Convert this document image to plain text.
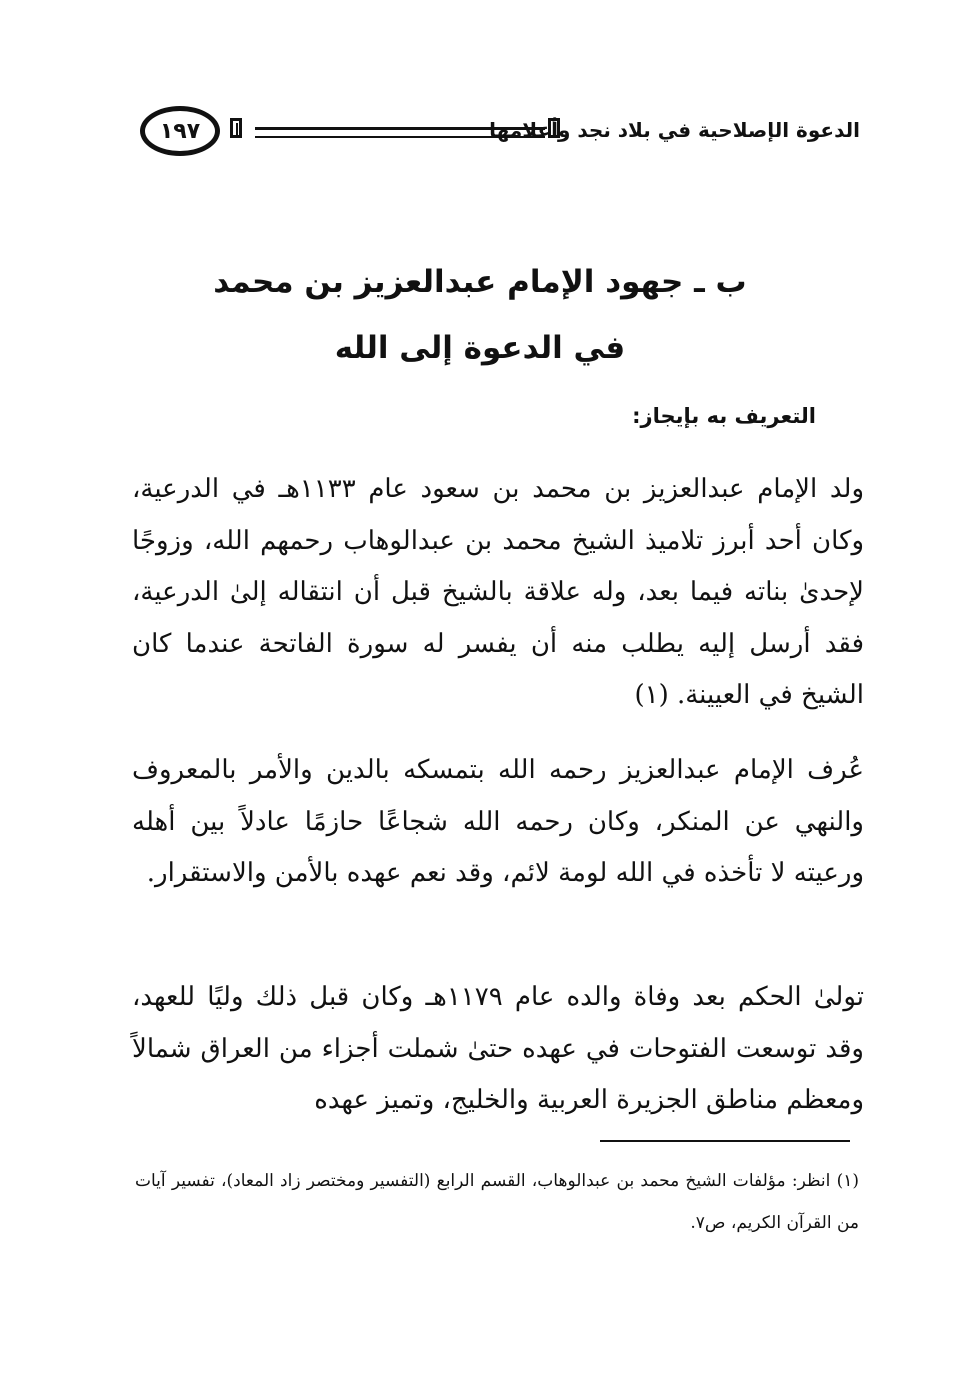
١٩٧	الدعوة الإصلاحية في بلاد نجد وأعلامها
ب ـ جهود الإمام عبدالعزيز بن محمد
في الدعوة إلى الله
التعريف به بإيجاز:
ولد الإمام عبدالعزيز بن محمد بن سعود عام ١١٣٣هـ في الدرعية، وكان أحد أبرز تلاميذ الشيخ محمد بن عبدالوهاب رحمهم الله، وزوجًا لإحدىٰ بناته فيما بعد، وله علاقة بالشيخ قبل أن انتقاله إلىٰ الدرعية، فقد أرسل إليه يطلب منه أن يفسر له سورة الفاتحة عندما كان الشيخ في العيينة. (١)
عُرف الإمام عبدالعزيز رحمه الله بتمسكه بالدين والأمر بالمعروف والنهي عن المنكر، وكان رحمه الله شجاعًا حازمًا عادلاً بين أهله ورعيته لا تأخذه في الله لومة لائم، وقد نعم عهده بالأمن والاستقرار.
تولىٰ الحكم بعد وفاة والده عام ١١٧٩هـ وكان قبل ذلك وليًا للعهد، وقد توسعت الفتوحات في عهده حتىٰ شملت أجزاء من العراق شمالاً ومعظم مناطق الجزيرة العربية والخليج، وتميز عهده
(١) انظر: مؤلفات الشيخ محمد بن عبدالوهاب، القسم الرابع (التفسير ومختصر زاد المعاد)، تفسير آيات من القرآن الكريم، ص٧.
